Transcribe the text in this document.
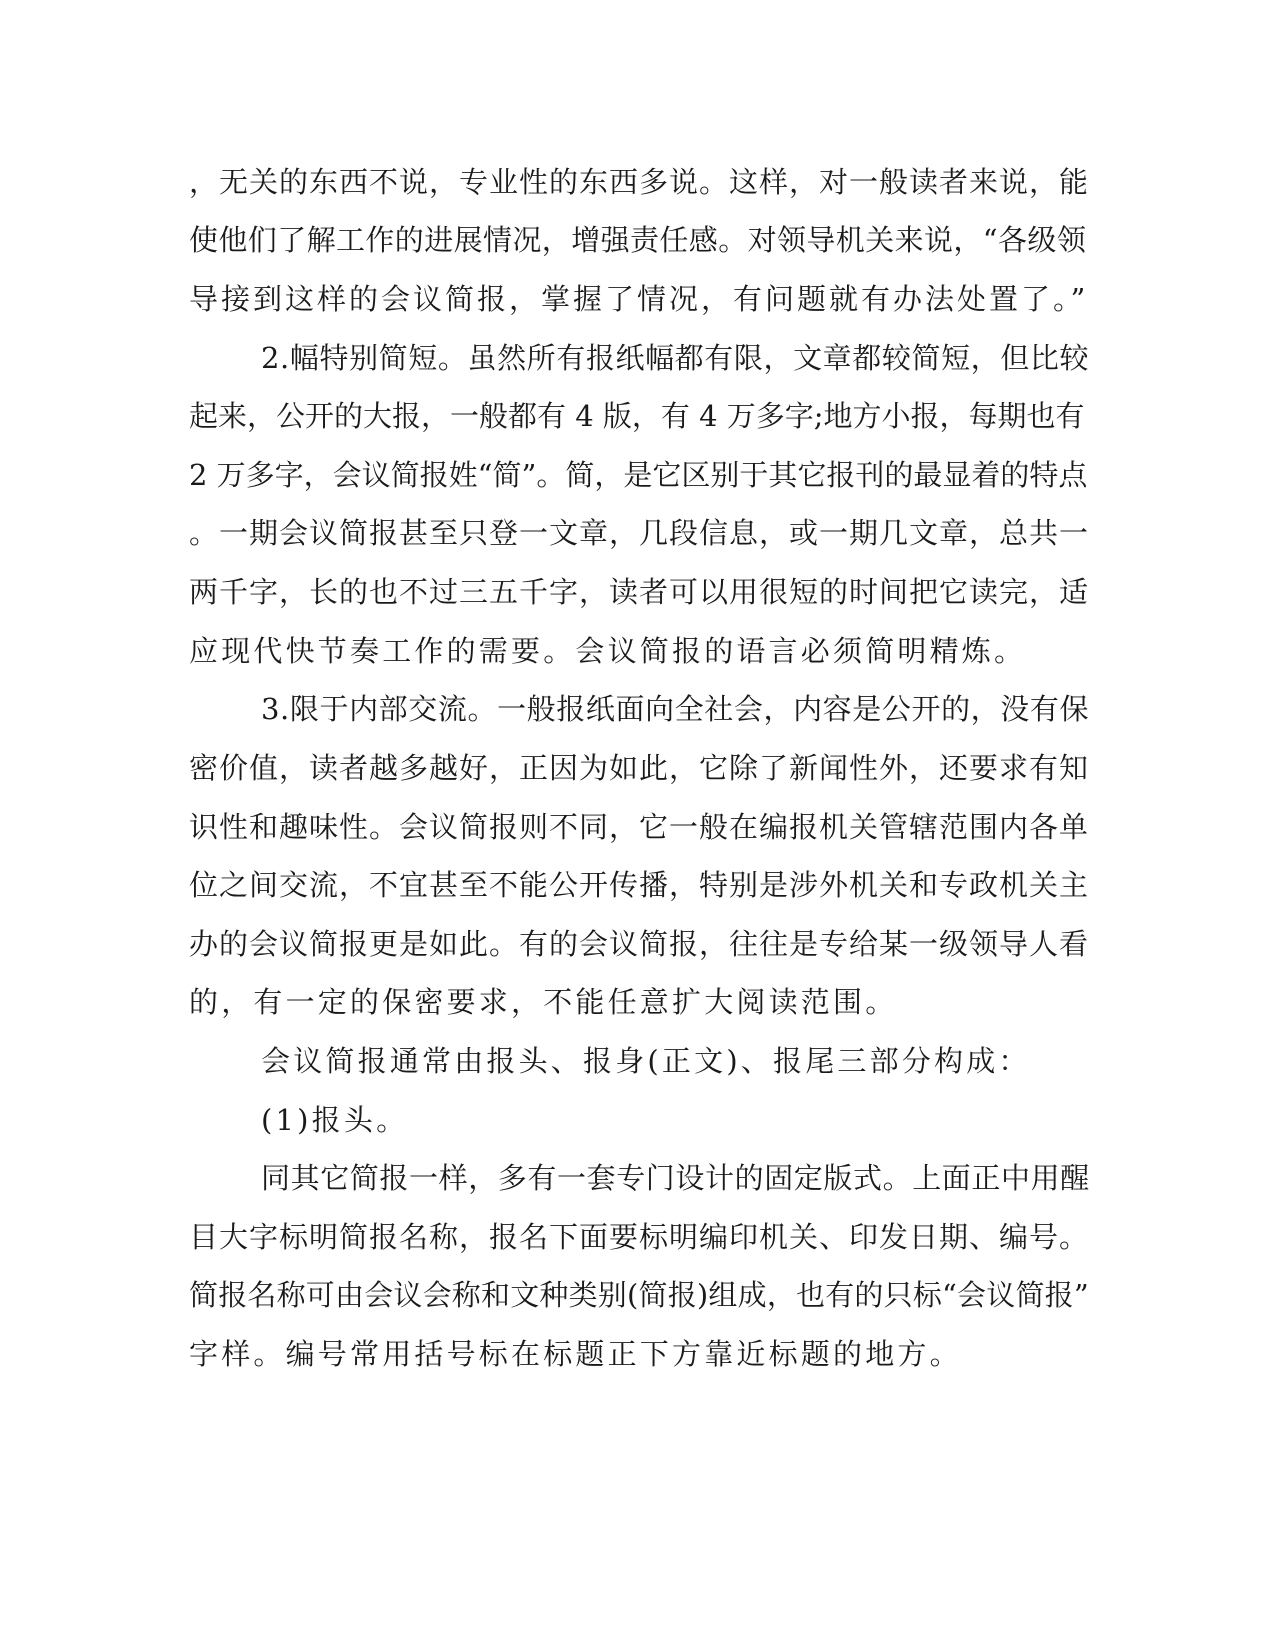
，无关的东西不说，专业性的东西多说。这样，对一般读者来说，能
使他们了解工作的进展情况，增强责任感。对领导机关来说，“各级领
导接到这样的会议简报，掌握了情况，有问题就有办法处置了。”
2.幅特别简短。虽然所有报纸幅都有限，文章都较简短，但比较
起来，公开的大报，一般都有 4 版，有 4 万多字;地方小报，每期也有
2 万多字，会议简报姓“简”。简，是它区别于其它报刊的最显着的特点
。一期会议简报甚至只登一文章，几段信息，或一期几文章，总共一
两千字，长的也不过三五千字，读者可以用很短的时间把它读完，适
应现代快节奏工作的需要。会议简报的语言必须简明精炼。
3.限于内部交流。一般报纸面向全社会，内容是公开的，没有保
密价值，读者越多越好，正因为如此，它除了新闻性外，还要求有知
识性和趣味性。会议简报则不同，它一般在编报机关管辖范围内各单
位之间交流，不宜甚至不能公开传播，特别是涉外机关和专政机关主
办的会议简报更是如此。有的会议简报，往往是专给某一级领导人看
的，有一定的保密要求，不能任意扩大阅读范围。
会议简报通常由报头、报身(正文)、报尾三部分构成：
(1)报头。
同其它简报一样，多有一套专门设计的固定版式。上面正中用醒
目大字标明简报名称，报名下面要标明编印机关、印发日期、编号。
简报名称可由会议会称和文种类别(简报)组成，也有的只标“会议简报”
字样。编号常用括号标在标题正下方靠近标题的地方。
